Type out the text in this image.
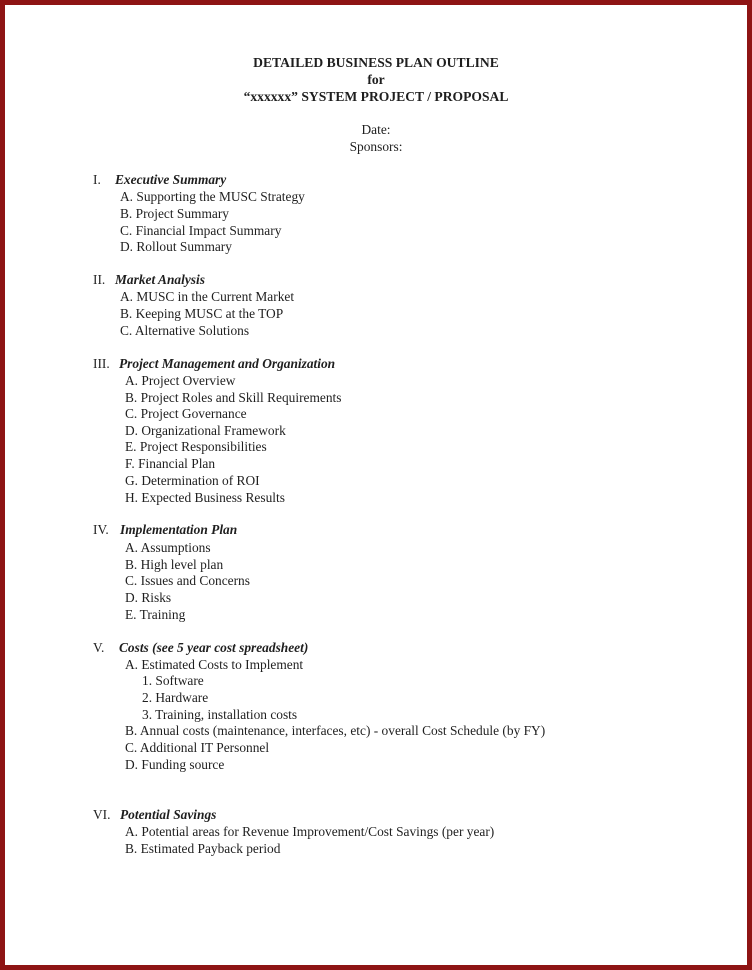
DETAILED BUSINESS PLAN OUTLINE
for
“xxxxxx” SYSTEM PROJECT / PROPOSAL
Date:
Sponsors:
I. Executive Summary
A. Supporting the MUSC Strategy
B. Project Summary
C. Financial Impact Summary
D. Rollout Summary
II. Market Analysis
A. MUSC in the Current Market
B. Keeping MUSC at the TOP
C. Alternative Solutions
III. Project Management and Organization
A. Project Overview
B. Project Roles and Skill Requirements
C. Project Governance
D. Organizational Framework
E. Project Responsibilities
F. Financial Plan
G. Determination of ROI
H. Expected Business Results
IV. Implementation Plan
A. Assumptions
B. High level plan
C. Issues and Concerns
D. Risks
E. Training
V. Costs (see 5 year cost spreadsheet)
A. Estimated Costs to Implement
1. Software
2. Hardware
3. Training, installation costs
B. Annual costs (maintenance, interfaces, etc) - overall Cost Schedule (by FY)
C. Additional IT Personnel
D. Funding source
VI. Potential Savings
A. Potential areas for Revenue Improvement/Cost Savings (per year)
B. Estimated Payback period
